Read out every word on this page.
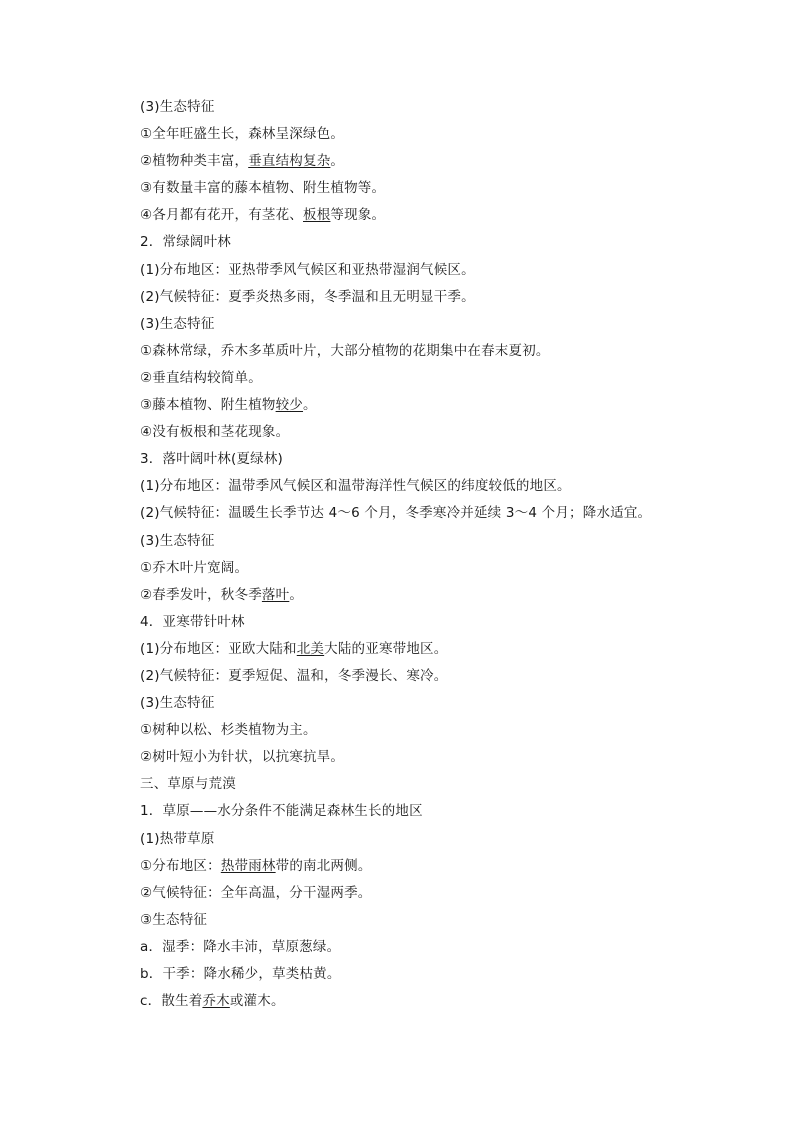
(3)生态特征
①全年旺盛生长，森林呈深绿色。
②植物种类丰富，垂直结构复杂。
③有数量丰富的藤本植物、附生植物等。
④各月都有花开，有茎花、板根等现象。
2．常绿阔叶林
(1)分布地区：亚热带季风气候区和亚热带湿润气候区。
(2)气候特征：夏季炎热多雨，冬季温和且无明显干季。
(3)生态特征
①森林常绿，乔木多革质叶片，大部分植物的花期集中在春末夏初。
②垂直结构较简单。
③藤本植物、附生植物较少。
④没有板根和茎花现象。
3．落叶阔叶林(夏绿林)
(1)分布地区：温带季风气候区和温带海洋性气候区的纬度较低的地区。
(2)气候特征：温暖生长季节达 4～6 个月，冬季寒冷并延续 3～4 个月；降水适宜。
(3)生态特征
①乔木叶片宽阔。
②春季发叶，秋冬季落叶。
4．亚寒带针叶林
(1)分布地区：亚欧大陆和北美大陆的亚寒带地区。
(2)气候特征：夏季短促、温和，冬季漫长、寒冷。
(3)生态特征
①树种以松、杉类植物为主。
②树叶短小为针状，以抗寒抗旱。
三、草原与荒漠
1．草原——水分条件不能满足森林生长的地区
(1)热带草原
①分布地区：热带雨林带的南北两侧。
②气候特征：全年高温，分干湿两季。
③生态特征
a．湿季：降水丰沛，草原葱绿。
b．干季：降水稀少，草类枯黄。
c．散生着乔木或灌木。
